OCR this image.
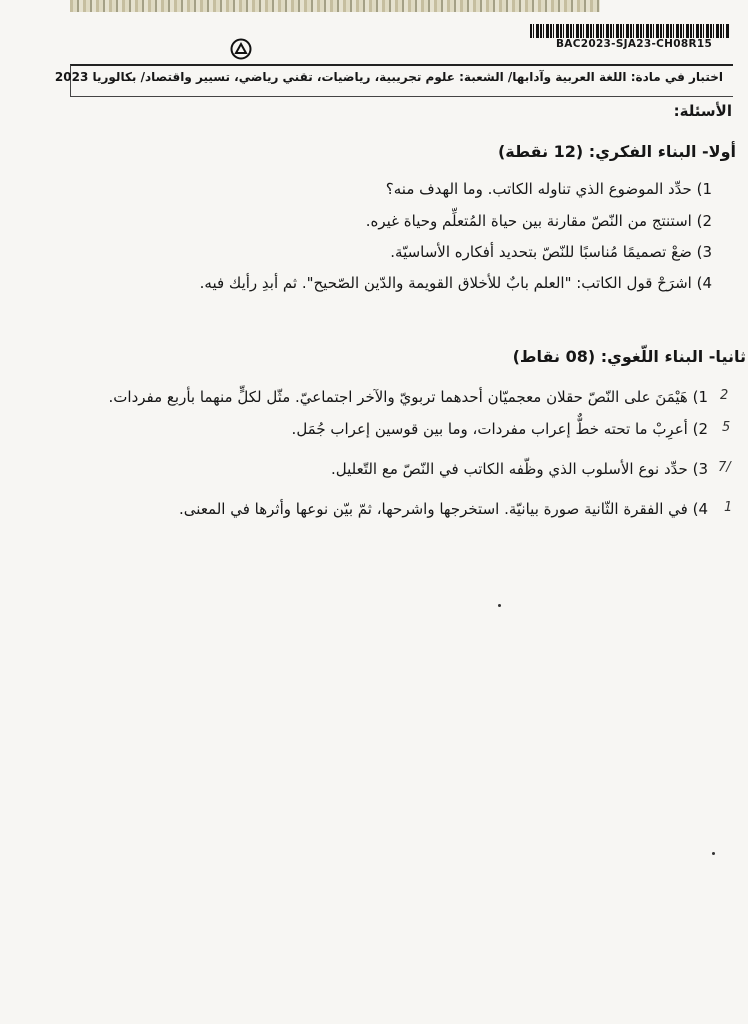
BAC2023-SJA23-CH08R15
اختبار في مادة: اللغة العربية وآدابها/ الشعبة: علوم تجريبية، رياضيات، تقني رياضي، تسيير واقتصاد/ بكالوريا 2023
الأسئلة:
أولا- البناء الفكري: (12 نقطة)
1) حدِّد الموضوع الذي تناوله الكاتب. وما الهدف منه؟
2) استنتج من النّصّ مقارنة بين حياة المُتعلِّم وحياة غيره.
3) ضعْ تصميمًا مُناسبًا للنّصّ بتحديد أفكاره الأساسيّة.
4) اشرَحْ قول الكاتب: "العلم بابٌ للأخلاق القويمة والدّين الصّحيح". ثم أبدِ رأيك فيه.
ثانيا- البناء اللّغوي: (08 نقاط)
1) هَيْمَنَ على النّصّ حقلان معجميّان أحدهما تربويّ والآخر اجتماعيّ. مثّل لكلٍّ منهما بأربع مفردات.
2) أعرِبْ ما تحته خطٌّ إعراب مفردات، وما بين قوسين إعراب جُمَل.
3) حدِّد نوع الأسلوب الذي وظّفه الكاتب في النّصّ مع التّعليل.
4) في الفقرة الثّانية صورة بيانيّة. استخرجها واشرحها، ثمّ بيّن نوعها وأثرها في المعنى.
2
5
7/
1
